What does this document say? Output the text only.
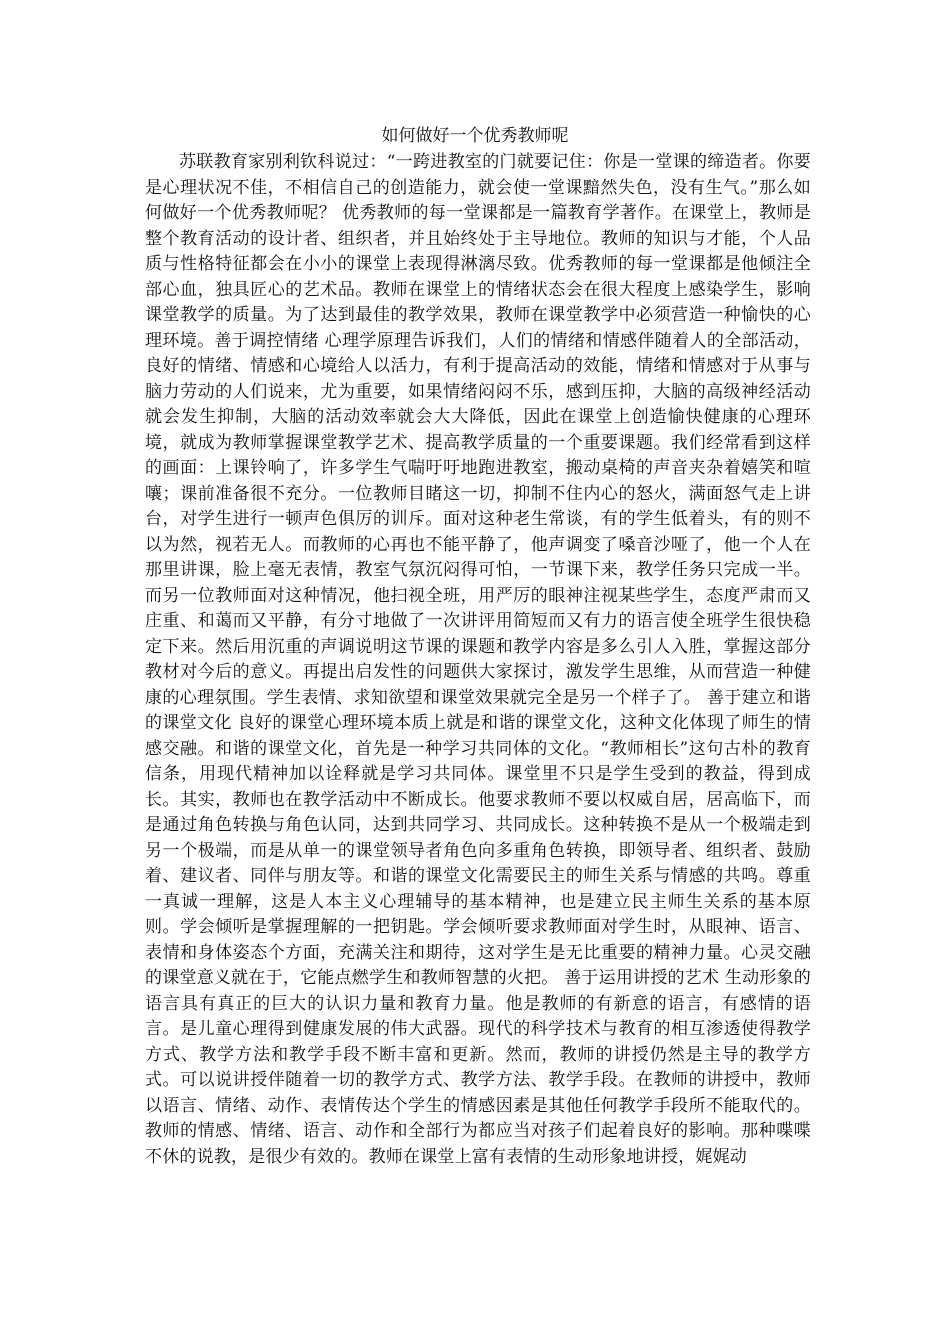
如何做好一个优秀教师呢

苏联教育家别利钦科说过：“一跨进教室的门就要记住：你是一堂课的缔造者。你要是心理状况不佳，不相信自己的创造能力，就会使一堂课黯然失色，没有生气。”那么如何做好一个优秀教师呢？ 优秀教师的每一堂课都是一篇教育学著作。在课堂上，教师是整个教育活动的设计者、组织者，并且始终处于主导地位。教师的知识与才能，个人品质与性格特征都会在小小的课堂上表现得淋漓尽致。优秀教师的每一堂课都是他倾注全部心血，独具匠心的艺术品。教师在课堂上的情绪状态会在很大程度上感染学生，影响课堂教学的质量。为了达到最佳的教学效果，教师在课堂教学中必须营造一种愉快的心理环境。善于调控情绪 心理学原理告诉我们，人们的情绪和情感伴随着人的全部活动，良好的情绪、情感和心境给人以活力，有利于提高活动的效能，情绪和情感对于从事与脑力劳动的人们说来，尤为重要，如果情绪闷闷不乐，感到压抑，大脑的高级神经活动就会发生抑制，大脑的活动效率就会大大降低，因此在课堂上创造愉快健康的心理环境，就成为教师掌握课堂教学艺术、提高教学质量的一个重要课题。我们经常看到这样的画面：上课铃响了，许多学生气喘吁吁地跑进教室，搬动桌椅的声音夹杂着嬉笑和喧嚷；课前准备很不充分。一位教师目睹这一切，抑制不住内心的怒火，满面怒气走上讲台，对学生进行一顿声色俱厉的训斥。面对这种老生常谈，有的学生低着头，有的则不以为然，视若无人。而教师的心再也不能平静了，他声调变了嗓音沙哑了，他一个人在那里讲课，脸上毫无表情，教室气氛沉闷得可怕，一节课下来，教学任务只完成一半。而另一位教师面对这种情况，他扫视全班，用严厉的眼神注视某些学生，态度严肃而又庄重、和蔼而又平静，有分寸地做了一次讲评用简短而又有力的语言使全班学生很快稳定下来。然后用沉重的声调说明这节课的课题和教学内容是多么引人入胜，掌握这部分教材对今后的意义。再提出启发性的问题供大家探讨，激发学生思维，从而营造一种健康的心理氛围。学生表情、求知欲望和课堂效果就完全是另一个样子了。 善于建立和谐的课堂文化 良好的课堂心理环境本质上就是和谐的课堂文化，这种文化体现了师生的情感交融。和谐的课堂文化，首先是一种学习共同体的文化。“教师相长”这句古朴的教育信条，用现代精神加以诠释就是学习共同体。课堂里不只是学生受到的教益，得到成长。其实，教师也在教学活动中不断成长。他要求教师不要以权威自居，居高临下，而是通过角色转换与角色认同，达到共同学习、共同成长。这种转换不是从一个极端走到另一个极端，而是从单一的课堂领导者角色向多重角色转换，即领导者、组织者、鼓励着、建议者、同伴与朋友等。和谐的课堂文化需要民主的师生关系与情感的共鸣。尊重一真诚一理解，这是人本主义心理辅导的基本精神，也是建立民主师生关系的基本原则。学会倾听是掌握理解的一把钥匙。学会倾听要求教师面对学生时，从眼神、语言、表情和身体姿态个方面，充满关注和期待，这对学生是无比重要的精神力量。心灵交融的课堂意义就在于，它能点燃学生和教师智慧的火把。 善于运用讲授的艺术 生动形象的语言具有真正的巨大的认识力量和教育力量。他是教师的有新意的语言，有感情的语言。是儿童心理得到健康发展的伟大武器。现代的科学技术与教育的相互渗透使得教学方式、教学方法和教学手段不断丰富和更新。然而，教师的讲授仍然是主导的教学方式。可以说讲授伴随着一切的教学方式、教学方法、教学手段。在教师的讲授中，教师以语言、情绪、动作、表情传达个学生的情感因素是其他任何教学手段所不能取代的。教师的情感、情绪、语言、动作和全部行为都应当对孩子们起着良好的影响。那种喋喋不休的说教，是很少有效的。教师在课堂上富有表情的生动形象地讲授，娓娓动
